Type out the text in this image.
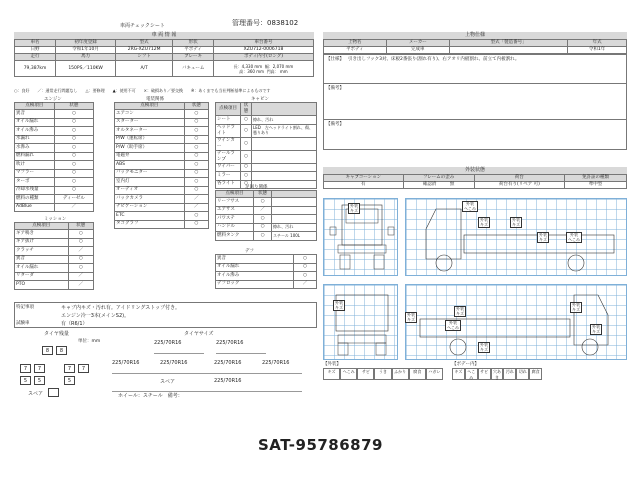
車両チェックシート	管理番号：0838102
車 両 情 報
車名	初年度登録	型式	形状	車台番号
日野	令和1年10月	2RG-XZU712M	平ボディ	XZU712-0006718
走行	馬力	シフト	ブレーキ	ボディ内寸(ロング)
79,387km	150PS／110KW	A/T	バキューム	長：4,330 mm 幅：2,070 mm
高：360 mm 門高： mm
○：良好 ／：通常走行問題なし △：要修理 ▲：使用不可 ×：破損あり／要交換 ※：あくまでも当社判断基準によるものです
エンジン
点検項目	状態
異音	○
オイル漏れ	○
オイル滲み	○
水漏れ	○
水滲み	○
燃料漏れ	○
吹け	○
マフラー	○
ターボ	○
冷却水残量	○
燃料の種類	ディーゼル
AdBlue	／
ミッション
点検項目	状態
ギア鳴き	○
ギア抜け	○
クラッチ	／
異音	○
オイル漏れ	○
リターダ	／
PTO	／
電装関係
点検項目	状態
エアコン	○
スターター	○
オルタネーター	○
P/W（運転席）	○
P/W（助手席）	○
電磁弁	○
ABS	○
バックモニター	○
室内灯	○
オーディオ	○
バックカメラ	／
ナビゲーション	／
ETC	○
タコグラフ	○
キャビン
点検項目	状態	
シート	○	擦れ、汚れ
ヘッドライト	○	LED　左ヘッドライト割れ、傷、曇りあり
ウインカー	○	
テールランプ	○	
ワイパー	○	
ミラー	○	
各ライト	○	
足回り関係
点検項目	状態	
リーフサス	○	
エアサス	／	
パワステ	○	
ハンドル	○	擦れ、汚れ
燃料タンク	○	スチール 100L
デフ
異音	○
オイル漏れ	○
オイル滲み	○
デフロック	／
特記事項	キャブ内キズ・汚れ有。アイドリングストップ付き。
エンジン冷一3本(メインS2)。
試験車	有（R6/1）
タイヤ残量	タイヤサイズ
単位：mm
8	8
7	7	7	7
5	5	5
スペア
225/70R16	225/70R16
225/70R16	225/70R16	225/70R16	225/70R16
スペア	225/70R16
ホイール：スチール　 備考：
上物仕様
上物名	メーカー	型式「製造番号」	年式
平ボディ	完成車		令和1年
【仕様】 引き出しフック3対、床板2番張り(割れ有り)、右アオリ内板割れ、前立て内板割れ。
【備考】
【備考】
外装状態
キャブコーション	フレームの歪み	荷台	免許証の種類
有	確認済　　　 無	荷台有り(リベア 可)	準中型
外装
キズ
外装
へこみ
外装
キズ
外装
キズ
外装
キズ
外装
へこみ
外装
キズ	外装
キズ
外装
へこみ
外装
キズ
外装
キズ
外装
キズ
外装
キズ
【外装】	【ボデー内】
キズ	へこみ	サビ	うき	ふかり	腐食	ハガレ	キズ	へこみ
サビ	穴あき
汚れ	切れ	腐食
SAT-95786879
